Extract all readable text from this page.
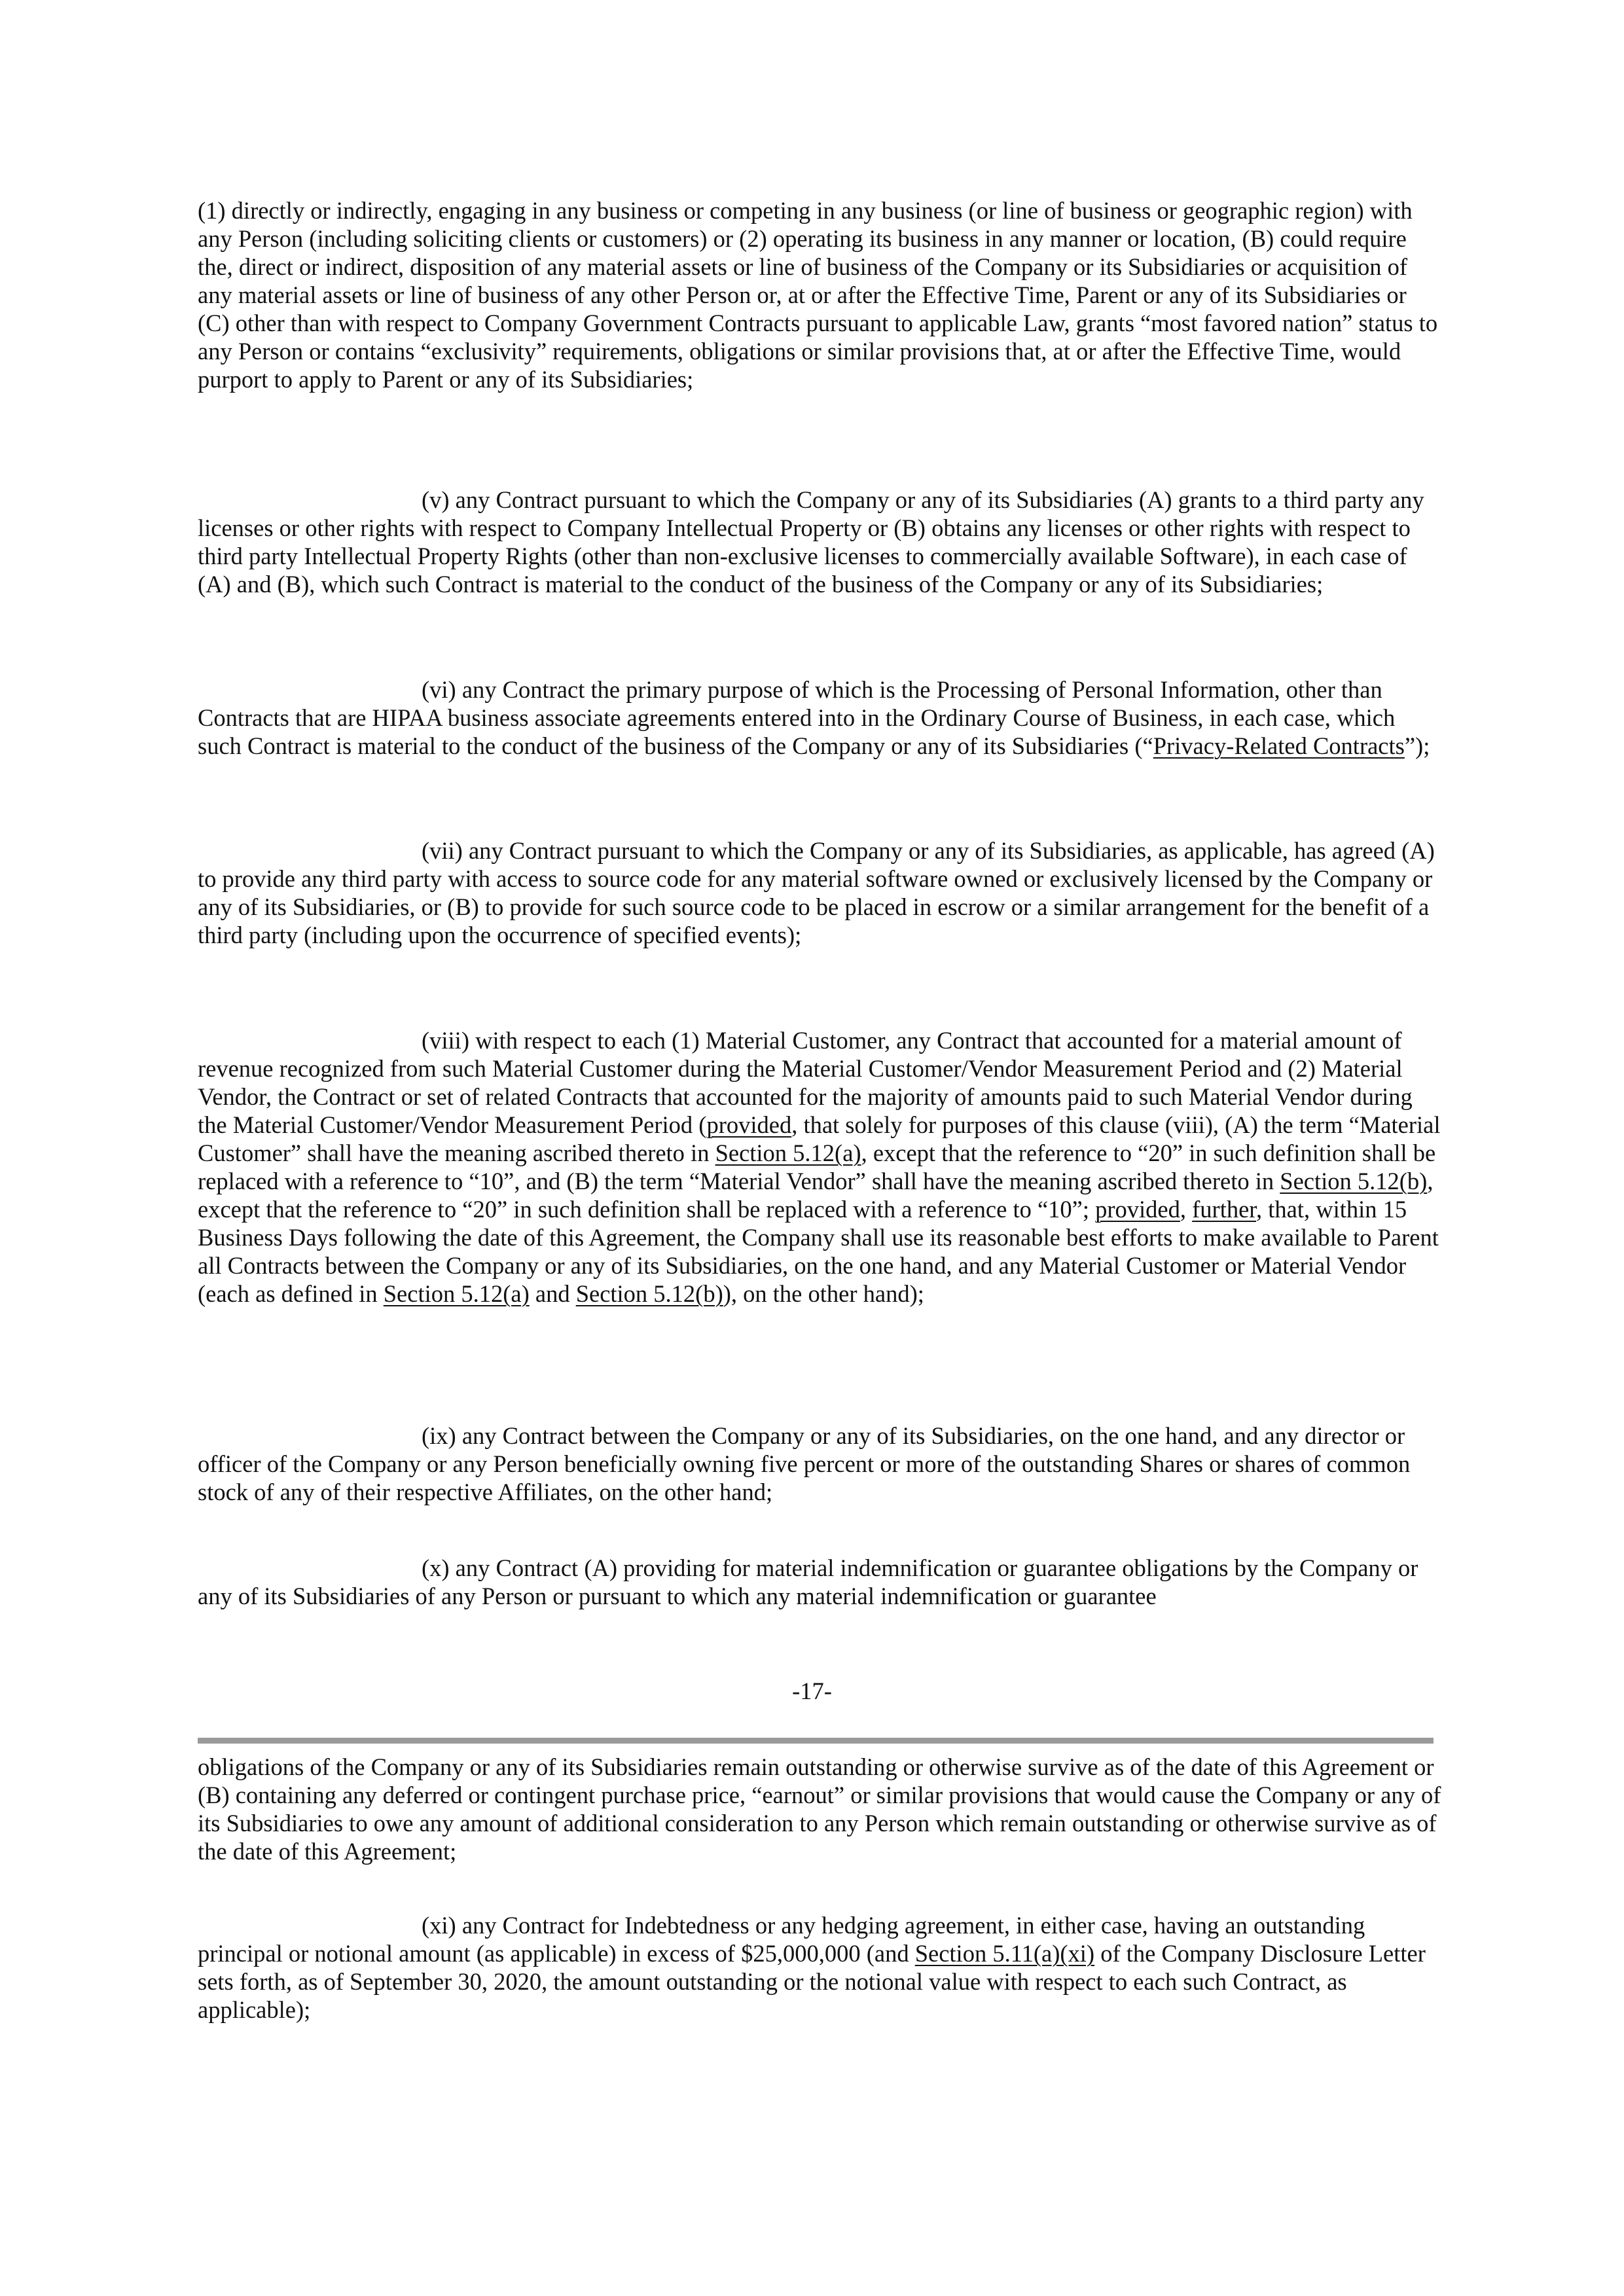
(1) directly or indirectly, engaging in any business or competing in any business (or line of business or geographic region) with any Person (including soliciting clients or customers) or (2) operating its business in any manner or location, (B) could require the, direct or indirect, disposition of any material assets or line of business of the Company or its Subsidiaries or acquisition of any material assets or line of business of any other Person or, at or after the Effective Time, Parent or any of its Subsidiaries or (C) other than with respect to Company Government Contracts pursuant to applicable Law, grants “most favored nation” status to any Person or contains “exclusivity” requirements, obligations or similar provisions that, at or after the Effective Time, would purport to apply to Parent or any of its Subsidiaries;

(v) any Contract pursuant to which the Company or any of its Subsidiaries (A) grants to a third party any licenses or other rights with respect to Company Intellectual Property or (B) obtains any licenses or other rights with respect to third party Intellectual Property Rights (other than non-exclusive licenses to commercially available Software), in each case of (A) and (B), which such Contract is material to the conduct of the business of the Company or any of its Subsidiaries;

(vi) any Contract the primary purpose of which is the Processing of Personal Information, other than Contracts that are HIPAA business associate agreements entered into in the Ordinary Course of Business, in each case, which such Contract is material to the conduct of the business of the Company or any of its Subsidiaries (“Privacy-Related Contracts”);

(vii) any Contract pursuant to which the Company or any of its Subsidiaries, as applicable, has agreed (A) to provide any third party with access to source code for any material software owned or exclusively licensed by the Company or any of its Subsidiaries, or (B) to provide for such source code to be placed in escrow or a similar arrangement for the benefit of a third party (including upon the occurrence of specified events);

(viii) with respect to each (1) Material Customer, any Contract that accounted for a material amount of revenue recognized from such Material Customer during the Material Customer/Vendor Measurement Period and (2) Material Vendor, the Contract or set of related Contracts that accounted for the majority of amounts paid to such Material Vendor during the Material Customer/Vendor Measurement Period (provided, that solely for purposes of this clause (viii), (A) the term “Material Customer” shall have the meaning ascribed thereto in Section 5.12(a), except that the reference to “20” in such definition shall be replaced with a reference to “10”, and (B) the term “Material Vendor” shall have the meaning ascribed thereto in Section 5.12(b), except that the reference to “20” in such definition shall be replaced with a reference to “10”; provided, further, that, within 15 Business Days following the date of this Agreement, the Company shall use its reasonable best efforts to make available to Parent all Contracts between the Company or any of its Subsidiaries, on the one hand, and any Material Customer or Material Vendor (each as defined in Section 5.12(a) and Section 5.12(b)), on the other hand);

(ix) any Contract between the Company or any of its Subsidiaries, on the one hand, and any director or officer of the Company or any Person beneficially owning five percent or more of the outstanding Shares or shares of common stock of any of their respective Affiliates, on the other hand;

(x) any Contract (A) providing for material indemnification or guarantee obligations by the Company or any of its Subsidiaries of any Person or pursuant to which any material indemnification or guarantee

-17-

obligations of the Company or any of its Subsidiaries remain outstanding or otherwise survive as of the date of this Agreement or (B) containing any deferred or contingent purchase price, “earnout” or similar provisions that would cause the Company or any of its Subsidiaries to owe any amount of additional consideration to any Person which remain outstanding or otherwise survive as of the date of this Agreement;

(xi) any Contract for Indebtedness or any hedging agreement, in either case, having an outstanding principal or notional amount (as applicable) in excess of $25,000,000 (and Section 5.11(a)(xi) of the Company Disclosure Letter sets forth, as of September 30, 2020, the amount outstanding or the notional value with respect to each such Contract, as applicable);
